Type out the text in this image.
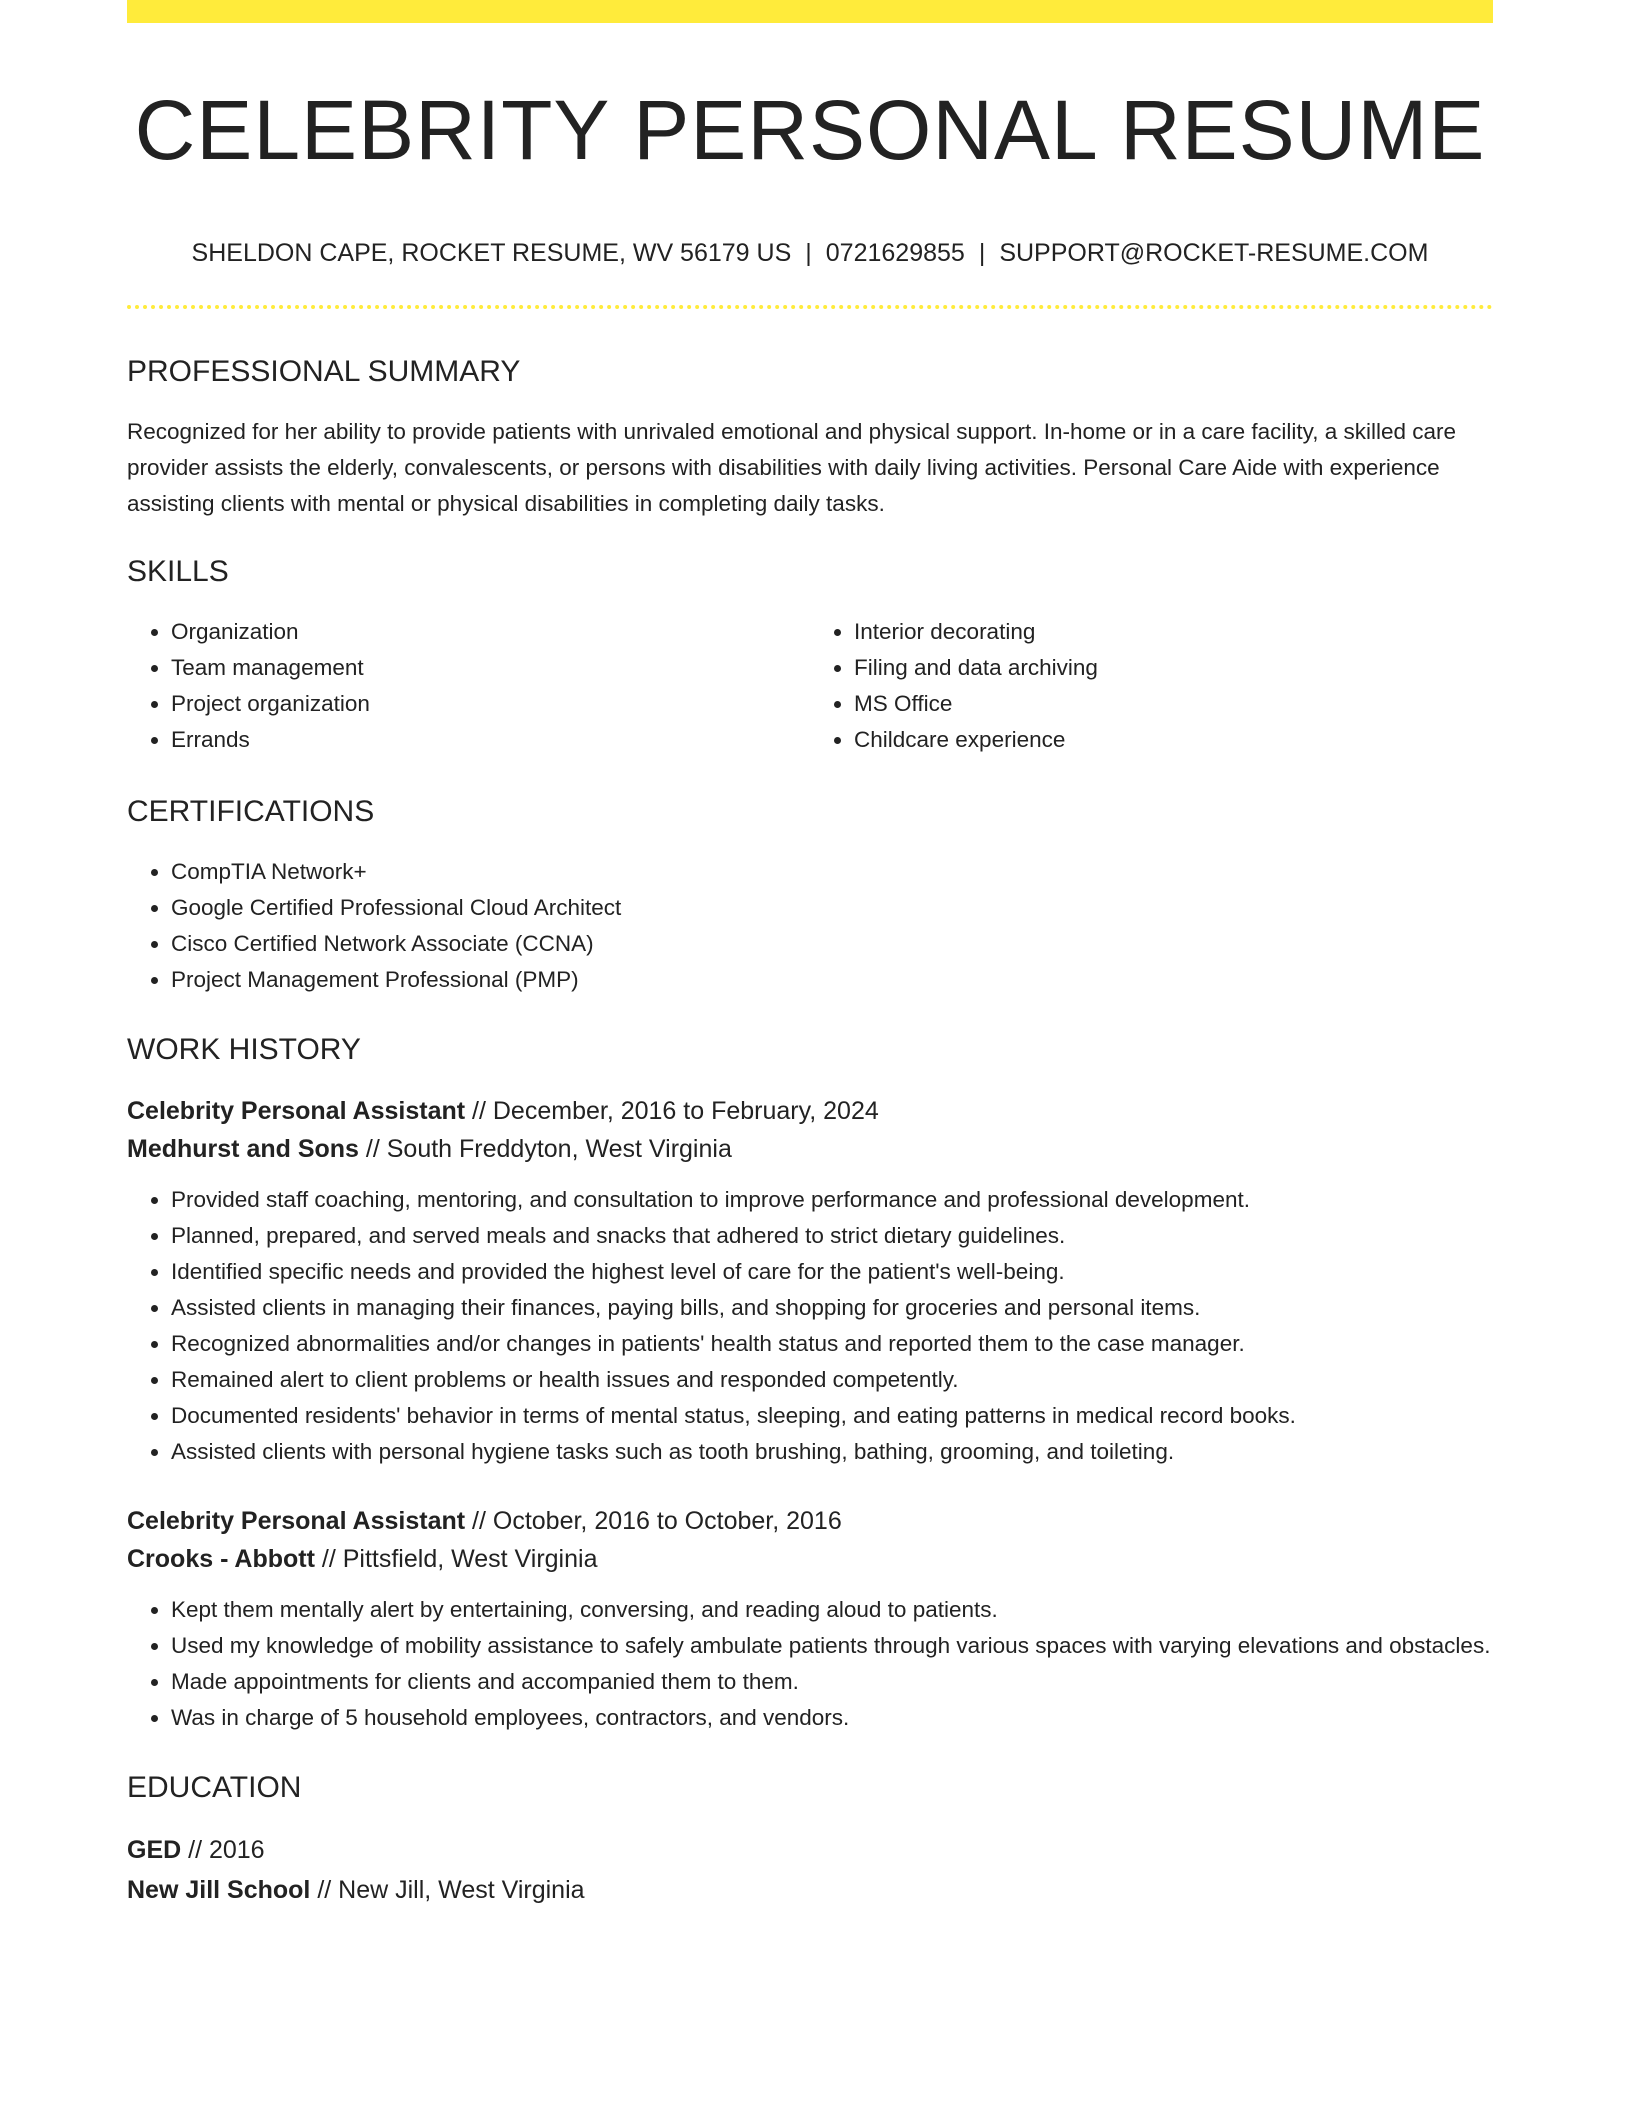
CELEBRITY PERSONAL RESUME
SHELDON CAPE, ROCKET RESUME, WV 56179 US | 0721629855 | SUPPORT@ROCKET-RESUME.COM
PROFESSIONAL SUMMARY

Recognized for her ability to provide patients with unrivaled emotional and physical support. In-home or in a care facility, a skilled care provider assists the elderly, convalescents, or persons with disabilities with daily living activities. Personal Care Aide with experience assisting clients with mental or physical disabilities in completing daily tasks.

SKILLS
• Organization
• Team management
• Project organization
• Errands
• Interior decorating
• Filing and data archiving
• MS Office
• Childcare experience
CERTIFICATIONS
• CompTIA Network+
• Google Certified Professional Cloud Architect
• Cisco Certified Network Associate (CCNA)
• Project Management Professional (PMP)
WORK HISTORY
Celebrity Personal Assistant // December, 2016 to February, 2024
Medhurst and Sons // South Freddyton, West Virginia
• Provided staff coaching, mentoring, and consultation to improve performance and professional development.
• Planned, prepared, and served meals and snacks that adhered to strict dietary guidelines.
• Identified specific needs and provided the highest level of care for the patient's well-being.
• Assisted clients in managing their finances, paying bills, and shopping for groceries and personal items.
• Recognized abnormalities and/or changes in patients' health status and reported them to the case manager.
• Remained alert to client problems or health issues and responded competently.
• Documented residents' behavior in terms of mental status, sleeping, and eating patterns in medical record books.
• Assisted clients with personal hygiene tasks such as tooth brushing, bathing, grooming, and toileting.
Celebrity Personal Assistant // October, 2016 to October, 2016
Crooks - Abbott // Pittsfield, West Virginia
• Kept them mentally alert by entertaining, conversing, and reading aloud to patients.
• Used my knowledge of mobility assistance to safely ambulate patients through various spaces with varying elevations and obstacles.
• Made appointments for clients and accompanied them to them.
• Was in charge of 5 household employees, contractors, and vendors.
EDUCATION
GED // 2016
New Jill School // New Jill, West Virginia
